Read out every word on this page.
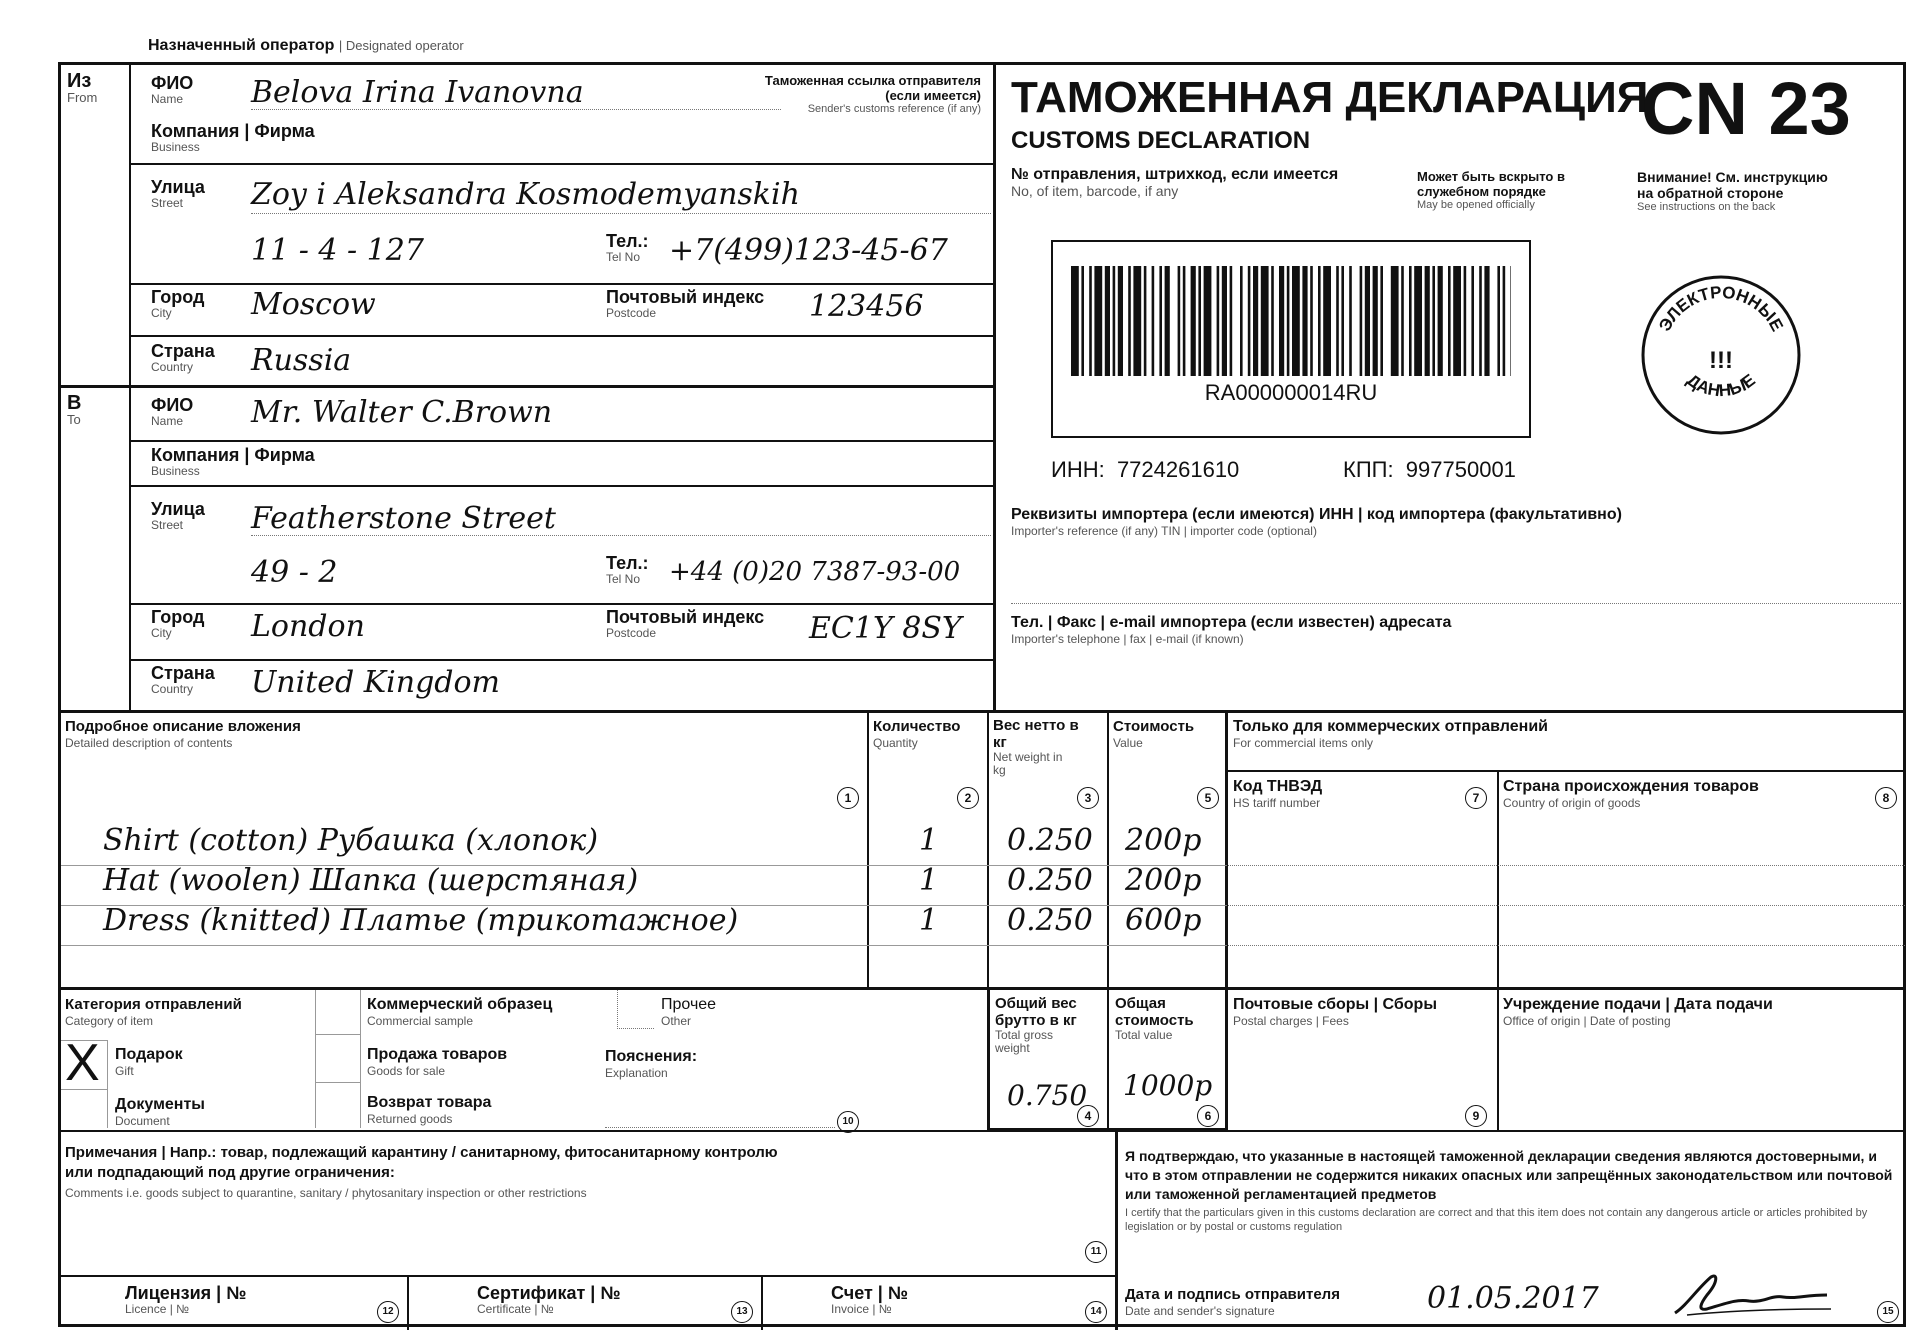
Назначенный оператор | Designated operator
Из
From
ФИО
Name	Belova Irina Ivanovna	Таможенная ссылка отправителя (если имеется)
Sender's customs reference (if any)
Компания | Фирма
Business
Улица
Street	Zoy i Aleksandra Kosmodemyanskih
11 - 4 - 127	Тел.:
Tel No +7(499)123-45-67
Город
City	Moscow	Почтовый индекс
Postcode	123456
Страна
Country	Russia
В
To
ФИО
Name	Mr. Walter C.Brown
Компания | Фирма
Business
Улица
Street	Featherstone Street
49 - 2	Тел.:
Tel No	+44 (0)20 7387-93-00
Город
City	London	Почтовый индекс
Postcode	EC1Y 8SY
Страна
Country	United Kingdom
ТАМОЖЕННАЯ ДЕКЛАРАЦИЯ
CUSTOMS DECLARATION	CN 23
№ отправления, штрихкод, если имеется
No, of item, barcode, if any
Может быть вскрыто в служебном порядке
May be opened officially
Внимание! См. инструкцию на обратной стороне
See instructions on the back
RA000000014RU
ЭЛЕКТРОННЫЕ
!!!
ДАННЫЕ
ИНН: 7724261610	КПП: 997750001
Реквизиты импортера (если имеются) ИНН | код импортера (факультативно)
Importer's reference (if any) TIN | importer code (optional)
Тел. | Факс | e-mail импортера (если известен) адресата
Importer's telephone | fax | e-mail (if known)
Подробное описание вложения
Detailed description of contents
Количество
Quantity
Вес нетто в кг
Net weight in kg
Стоимость
Value
Только для коммерческих отправлений
For commercial items only
Код ТНВЭД
HS tariff number
Страна происхождения товаров
Country of origin of goods
1	2	3	5	7	8
Shirt (cotton) Рубашка (хлопок)	1 0.250 200р
Hat (woolen) Шапка (шерстяная)	1 0.250 200р
Dress (knitted) Платье (трикотажное)	1 0.250 600р
Категория отправлений
Category of item
X Подарок
Gift
Документы
Document
Коммерческий образец
Commercial sample
Продажа товаров
Goods for sale
Возврат товара
Returned goods
Прочее
Other
Пояснения:
Explanation
10
Общий вес брутто в кг
Total gross weight
0.750
4
Общая стоимость
Total value
1000р
6
Почтовые сборы | Сборы
Postal charges | Fees
9
Учреждение подачи | Дата подачи
Office of origin | Date of posting
Примечания | Напр.: товар, подлежащий карантину / санитарному, фитосанитарному контролю
или подпадающий под другие ограничения:
Comments i.e. goods subject to quarantine, sanitary / phytosanitary inspection or other restrictions
11
Лицензия | №
Licence | №	12
Сертификат | №
Certificate | №	13
Счет | №
Invoice | №	14
Я подтверждаю, что указанные в настоящей таможенной декларации сведения являются достоверными, и что в этом отправлении не содержится никаких опасных или запрещённых законодательством или почтовой или таможенной регламентацией предметов
I certify that the particulars given in this customs declaration are correct and that this item does not contain any dangerous article or articles prohibited by legislation or by postal or customs regulation
Дата и подпись отправителя
Date and sender's signature	01.05.2017	15
